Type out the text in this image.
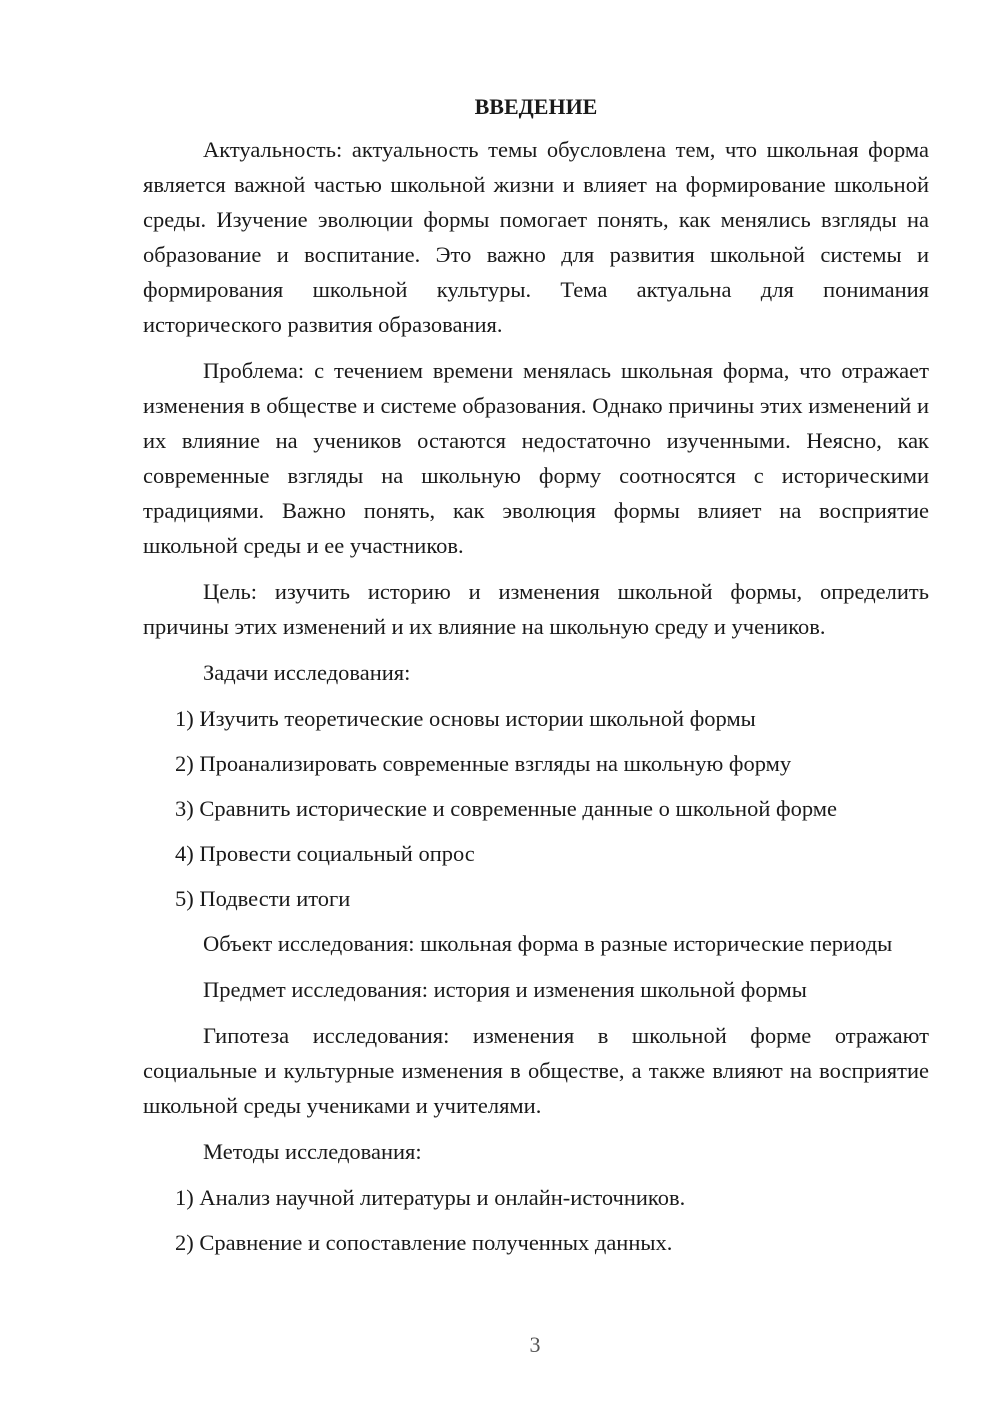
ВВЕДЕНИЕ

Актуальность: актуальность темы обусловлена тем, что школьная форма является важной частью школьной жизни и влияет на формирование школьной среды. Изучение эволюции формы помогает понять, как менялись взгляды на образование и воспитание. Это важно для развития школьной системы и формирования школьной культуры. Тема актуальна для понимания исторического развития образования.

Проблема: с течением времени менялась школьная форма, что отражает изменения в обществе и системе образования. Однако причины этих изменений и их влияние на учеников остаются недостаточно изученными. Неясно, как современные взгляды на школьную форму соотносятся с историческими традициями. Важно понять, как эволюция формы влияет на восприятие школьной среды и ее участников.

Цель: изучить историю и изменения школьной формы, определить причины этих изменений и их влияние на школьную среду и учеников.

Задачи исследования:

1) Изучить теоретические основы истории школьной формы
2) Проанализировать современные взгляды на школьную форму
3) Сравнить исторические и современные данные о школьной форме
4) Провести социальный опрос
5) Подвести итоги

Объект исследования: школьная форма в разные исторические периоды

Предмет исследования: история и изменения школьной формы

Гипотеза исследования: изменения в школьной форме отражают социальные и культурные изменения в обществе, а также влияют на восприятие школьной среды учениками и учителями.

Методы исследования:

1) Анализ научной литературы и онлайн-источников.
2) Сравнение и сопоставление полученных данных.
3
